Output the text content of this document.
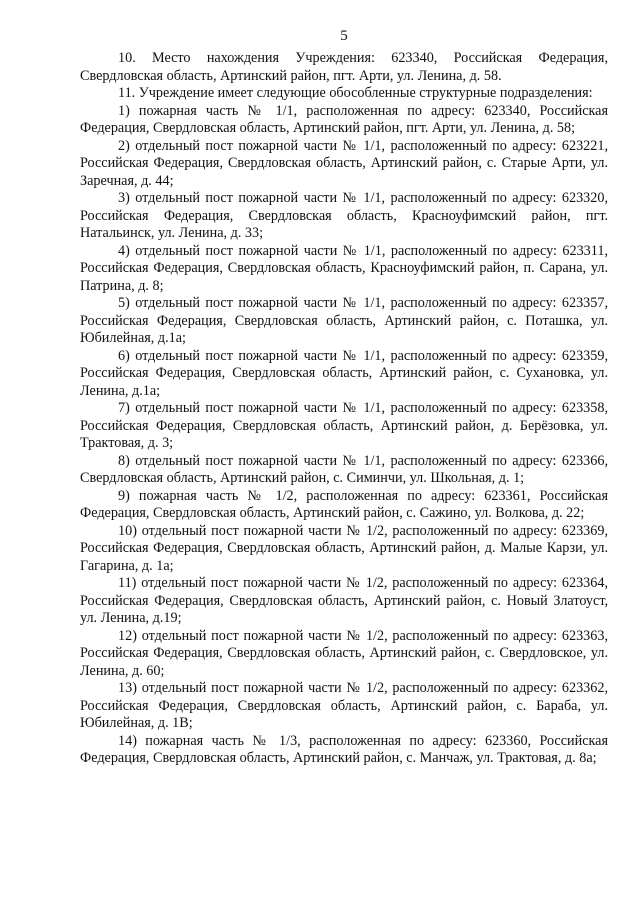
5

10. Место нахождения Учреждения: 623340, Российская Федерация, Свердловская область, Артинский район, пгт. Арти, ул. Ленина, д. 58.

11. Учреждение имеет следующие обособленные структурные подразделения:

1) пожарная часть № 1/1, расположенная по адресу: 623340, Российская Федерация, Свердловская область, Артинский район, пгт. Арти, ул. Ленина, д. 58;

2) отдельный пост пожарной части № 1/1, расположенный по адресу: 623221, Российская Федерация, Свердловская область, Артинский район, с. Старые Арти, ул. Заречная, д. 44;

3) отдельный пост пожарной части № 1/1, расположенный по адресу: 623320, Российская Федерация, Свердловская область, Красноуфимский район, пгт. Натальинск, ул. Ленина, д. 33;

4) отдельный пост пожарной части № 1/1, расположенный по адресу: 623311, Российская Федерация, Свердловская область, Красноуфимский район, п. Сарана, ул. Патрина, д. 8;

5) отдельный пост пожарной части № 1/1, расположенный по адресу: 623357, Российская Федерация, Свердловская область, Артинский район, с. Поташка, ул. Юбилейная, д.1а;

6) отдельный пост пожарной части № 1/1, расположенный по адресу: 623359, Российская Федерация, Свердловская область, Артинский район, с. Сухановка, ул. Ленина, д.1а;

7) отдельный пост пожарной части № 1/1, расположенный по адресу: 623358, Российская Федерация, Свердловская область, Артинский район, д. Берёзовка, ул. Трактовая, д. 3;

8) отдельный пост пожарной части № 1/1, расположенный по адресу: 623366, Свердловская область, Артинский район, с. Симинчи, ул. Школьная, д. 1;

9) пожарная часть № 1/2, расположенная по адресу: 623361, Российская Федерация, Свердловская область, Артинский район, с. Сажино, ул. Волкова, д. 22;

10) отдельный пост пожарной части № 1/2, расположенный по адресу: 623369, Российская Федерация, Свердловская область, Артинский район, д. Малые Карзи, ул. Гагарина, д. 1а;

11) отдельный пост пожарной части № 1/2, расположенный по адресу: 623364, Российская Федерация, Свердловская область, Артинский район, с. Новый Златоуст, ул. Ленина, д.19;

12) отдельный пост пожарной части № 1/2, расположенный по адресу: 623363, Российская Федерация, Свердловская область, Артинский район, с. Свердловское, ул. Ленина, д. 60;

13) отдельный пост пожарной части № 1/2, расположенный по адресу: 623362, Российская Федерация, Свердловская область, Артинский район, с. Бараба, ул. Юбилейная, д. 1В;

14) пожарная часть № 1/3, расположенная по адресу: 623360, Российская Федерация, Свердловская область, Артинский район, с. Манчаж, ул. Трактовая, д. 8а;
